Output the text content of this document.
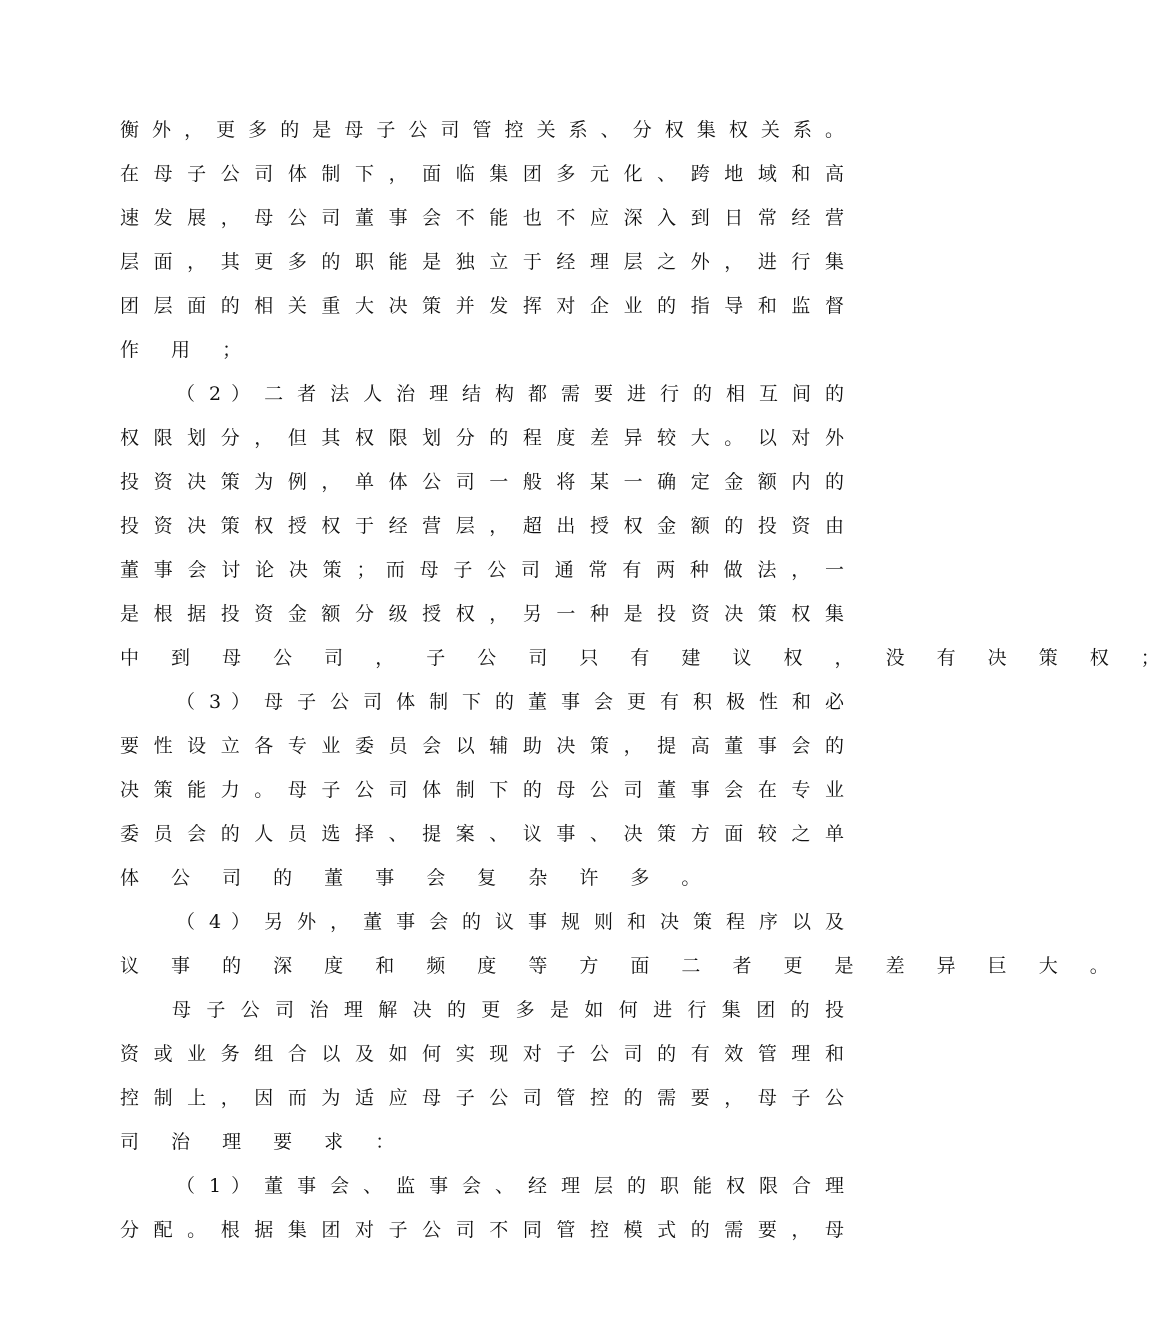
衡 外 ， 更 多 的 是 母 子 公 司 管 控 关 系 、 分 权 集 权 关 系 。
在 母 子 公 司 体 制 下 ， 面 临 集 团 多 元 化 、 跨 地 域 和 高
速 发 展 ， 母 公 司 董 事 会 不 能 也 不 应 深 入 到 日 常 经 营
层 面 ， 其 更 多 的 职 能 是 独 立 于 经 理 层 之 外 ， 进 行 集
团 层 面 的 相 关 重 大 决 策 并 发 挥 对 企 业 的 指 导 和 监 督
作 用 ；
（ 2 ） 二 者 法 人 治 理 结 构 都 需 要 进 行 的 相 互 间 的
权 限 划 分 ， 但 其 权 限 划 分 的 程 度 差 异 较 大 。 以 对 外
投 资 决 策 为 例 ， 单 体 公 司 一 般 将 某 一 确 定 金 额 内 的
投 资 决 策 权 授 权 于 经 营 层 ， 超 出 授 权 金 额 的 投 资 由
董 事 会 讨 论 决 策 ； 而 母 子 公 司 通 常 有 两 种 做 法 ， 一
是 根 据 投 资 金 额 分 级 授 权 ， 另 一 种 是 投 资 决 策 权 集
中 到 母 公 司 ， 子 公 司 只 有 建 议 权 ， 没 有 决 策 权 ；
（ 3 ） 母 子 公 司 体 制 下 的 董 事 会 更 有 积 极 性 和 必
要 性 设 立 各 专 业 委 员 会 以 辅 助 决 策 ， 提 高 董 事 会 的
决 策 能 力 。 母 子 公 司 体 制 下 的 母 公 司 董 事 会 在 专 业
委 员 会 的 人 员 选 择 、 提 案 、 议 事 、 决 策 方 面 较 之 单
体 公 司 的 董 事 会 复 杂 许 多 。
（ 4 ） 另 外 ， 董 事 会 的 议 事 规 则 和 决 策 程 序 以 及
议 事 的 深 度 和 频 度 等 方 面 二 者 更 是 差 异 巨 大 。
母 子 公 司 治 理 解 决 的 更 多 是 如 何 进 行 集 团 的 投
资 或 业 务 组 合 以 及 如 何 实 现 对 子 公 司 的 有 效 管 理 和
控 制 上 ， 因 而 为 适 应 母 子 公 司 管 控 的 需 要 ， 母 子 公
司 治 理 要 求 ：
（ 1 ） 董 事 会 、 监 事 会 、 经 理 层 的 职 能 权 限 合 理
分 配 。 根 据 集 团 对 子 公 司 不 同 管 控 模 式 的 需 要 ， 母
